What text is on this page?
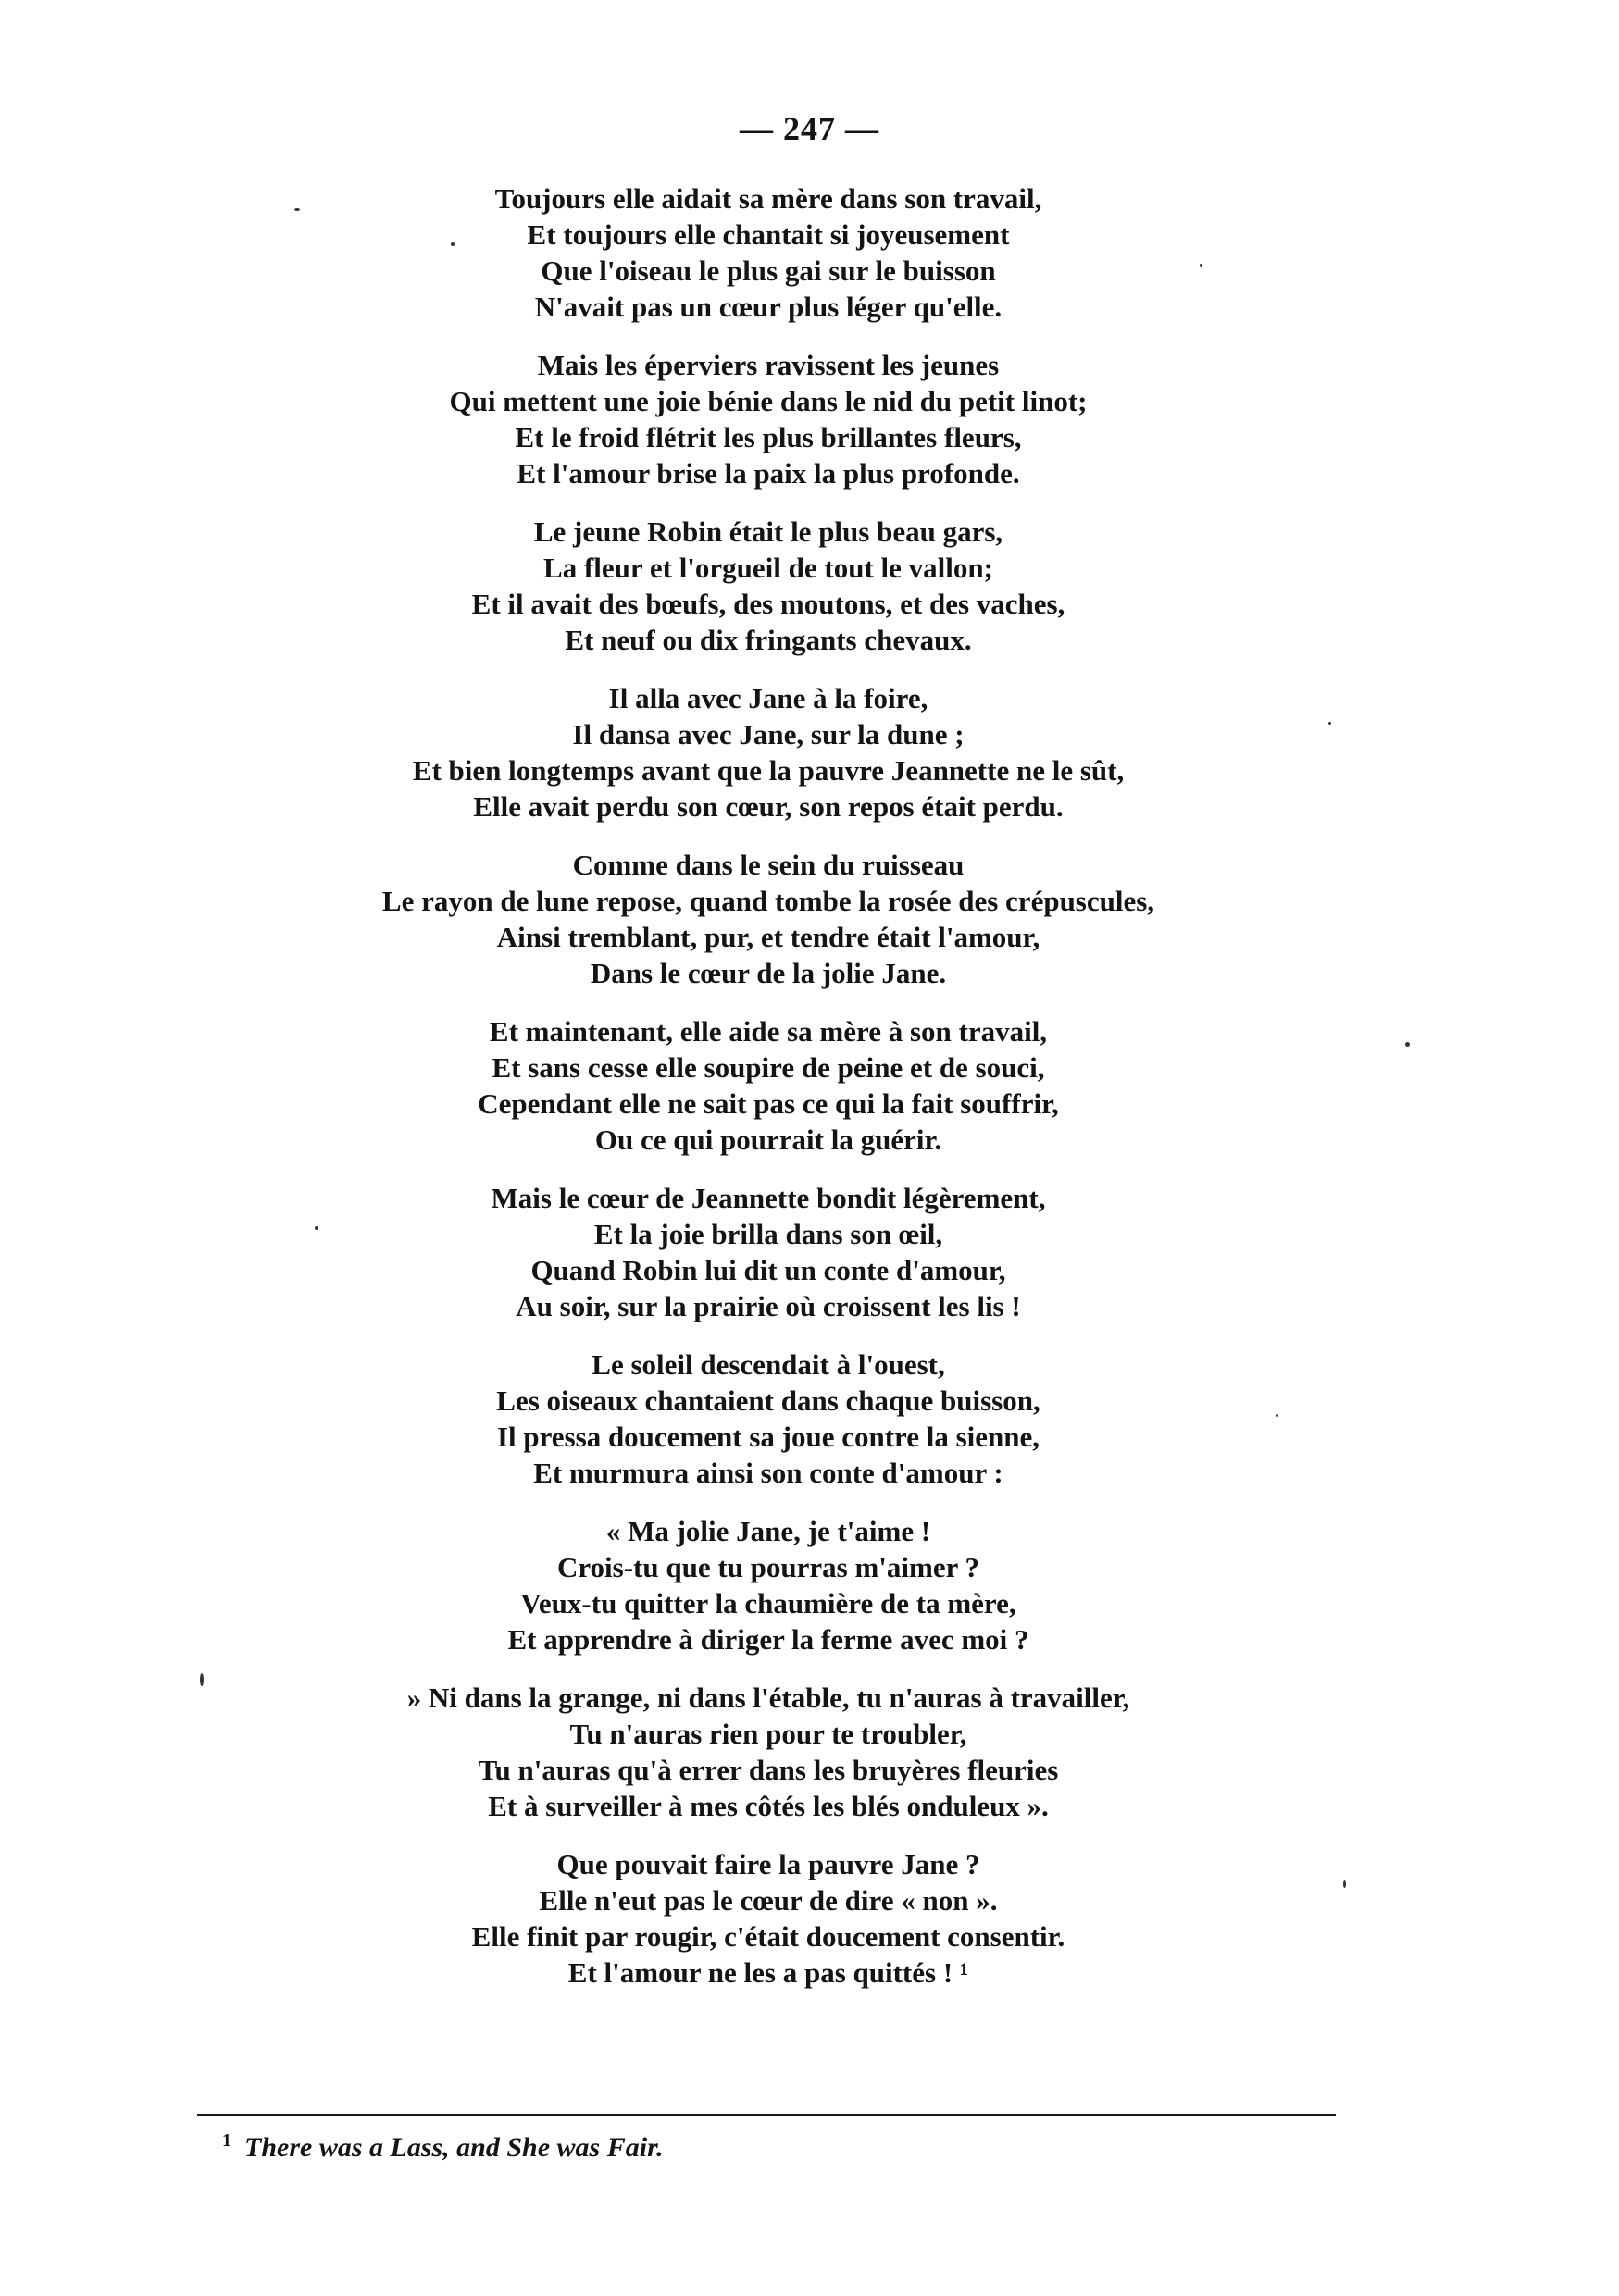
— 247 —
Toujours elle aidait sa mère dans son travail,
Et toujours elle chantait si joyeusement
Que l'oiseau le plus gai sur le buisson
N'avait pas un cœur plus léger qu'elle.
Mais les éperviers ravissent les jeunes
Qui mettent une joie bénie dans le nid du petit linot;
Et le froid flétrit les plus brillantes fleurs,
Et l'amour brise la paix la plus profonde.
Le jeune Robin était le plus beau gars,
La fleur et l'orgueil de tout le vallon;
Et il avait des bœufs, des moutons, et des vaches,
Et neuf ou dix fringants chevaux.
Il alla avec Jane à la foire,
Il dansa avec Jane, sur la dune ;
Et bien longtemps avant que la pauvre Jeannette ne le sût,
Elle avait perdu son cœur, son repos était perdu.
Comme dans le sein du ruisseau
Le rayon de lune repose, quand tombe la rosée des crépuscules,
Ainsi tremblant, pur, et tendre était l'amour,
Dans le cœur de la jolie Jane.
Et maintenant, elle aide sa mère à son travail,
Et sans cesse elle soupire de peine et de souci,
Cependant elle ne sait pas ce qui la fait souffrir,
Ou ce qui pourrait la guérir.
Mais le cœur de Jeannette bondit légèrement,
Et la joie brilla dans son œil,
Quand Robin lui dit un conte d'amour,
Au soir, sur la prairie où croissent les lis !
Le soleil descendait à l'ouest,
Les oiseaux chantaient dans chaque buisson,
Il pressa doucement sa joue contre la sienne,
Et murmura ainsi son conte d'amour :
« Ma jolie Jane, je t'aime !
Crois-tu que tu pourras m'aimer ?
Veux-tu quitter la chaumière de ta mère,
Et apprendre à diriger la ferme avec moi ?
» Ni dans la grange, ni dans l'étable, tu n'auras à travailler,
Tu n'auras rien pour te troubler,
Tu n'auras qu'à errer dans les bruyères fleuries
Et à surveiller à mes côtés les blés onduleux ».
Que pouvait faire la pauvre Jane ?
Elle n'eut pas le cœur de dire « non ».
Elle finit par rougir, c'était doucement consentir.
Et l'amour ne les a pas quittés ! ¹
$^1$ There was a Lass, and She was Fair.
